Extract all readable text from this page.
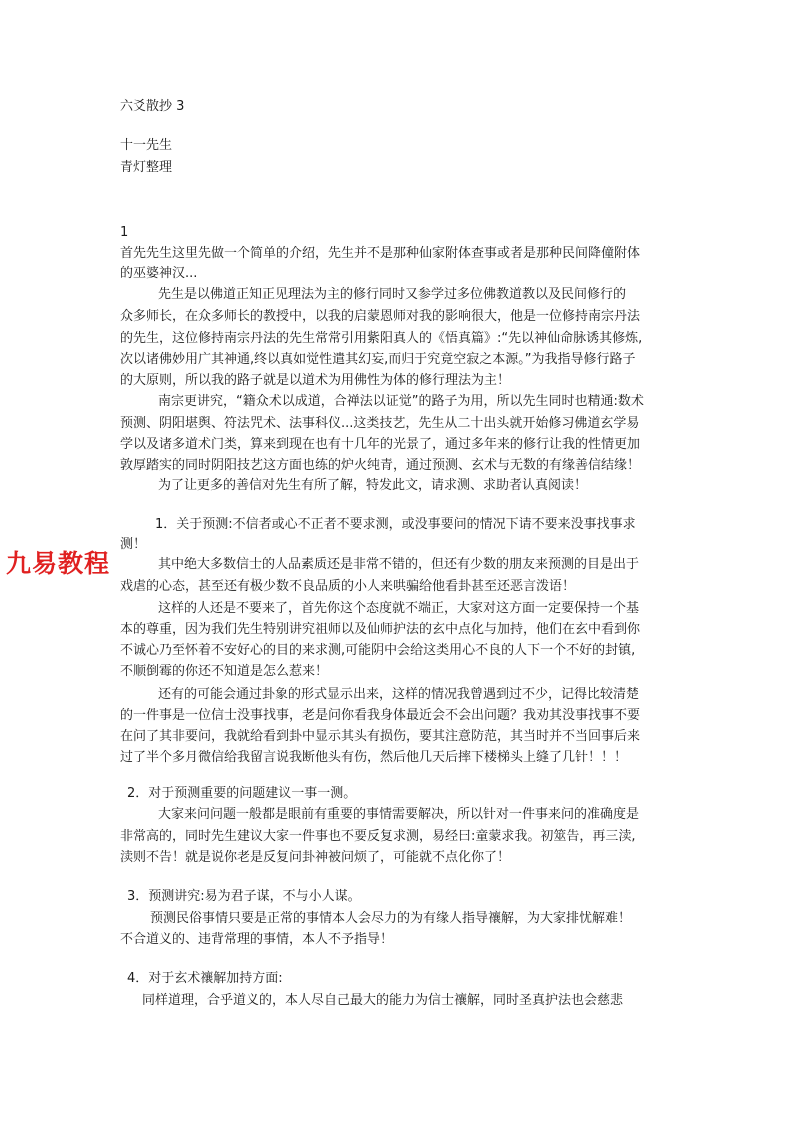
六爻散抄 3
十一先生
青灯整理
1
首先先生这里先做一个简单的介绍，先生并不是那种仙家附体查事或者是那种民间降僮附体
的巫婆神汉...
先生是以佛道正知正见理法为主的修行同时又参学过多位佛教道教以及民间修行的
众多师长，在众多师长的教授中，以我的启蒙恩师对我的影响很大，他是一位修持南宗丹法
的先生，这位修持南宗丹法的先生常常引用紫阳真人的《悟真篇》:“先以神仙命脉诱其修炼,
次以诸佛妙用广其神通,终以真如觉性遣其幻妄,而归于究竟空寂之本源。”为我指导修行路子
的大原则，所以我的路子就是以道术为用佛性为体的修行理法为主！
南宗更讲究，“籍众术以成道，合禅法以证觉”的路子为用，所以先生同时也精通:数术
预测、阴阳堪舆、符法咒术、法事科仪...这类技艺，先生从二十出头就开始修习佛道玄学易
学以及诸多道术门类，算来到现在也有十几年的光景了，通过多年来的修行让我的性情更加
敦厚踏实的同时阴阳技艺这方面也练的炉火纯青，通过预测、玄术与无数的有缘善信结缘！
为了让更多的善信对先生有所了解，特发此文，请求测、求助者认真阅读！
1．关于预测:不信者或心不正者不要求测，或没事要问的情况下请不要来没事找事求
测！
其中绝大多数信士的人品素质还是非常不错的，但还有少数的朋友来预测的目是出于
戏虐的心态，甚至还有极少数不良品质的小人来哄骗给他看卦甚至还恶言泼语！
这样的人还是不要来了，首先你这个态度就不端正，大家对这方面一定要保持一个基
本的尊重，因为我们先生特别讲究祖师以及仙师护法的玄中点化与加持，他们在玄中看到你
不诚心乃至怀着不安好心的目的来求测,可能阴中会给这类用心不良的人下一个不好的封镇,
不顺倒霉的你还不知道是怎么惹来！
还有的可能会通过卦象的形式显示出来，这样的情况我曾遇到过不少，记得比较清楚
的一件事是一位信士没事找事，老是问你看我身体最近会不会出问题？我劝其没事找事不要
在问了其非要问，我就给看到卦中显示其头有损伤，要其注意防范，其当时并不当回事后来
过了半个多月微信给我留言说我断他头有伤，然后他几天后摔下楼梯头上缝了几针！！！
2．对于预测重要的问题建议一事一测。
大家来问问题一般都是眼前有重要的事情需要解决，所以针对一件事来问的准确度是
非常高的，同时先生建议大家一件事也不要反复求测，易经曰:童蒙求我。初筮告，再三渎,
渎则不告！就是说你老是反复问卦神被问烦了，可能就不点化你了！
3．预测讲究:易为君子谋，不与小人谋。
预测民俗事情只要是正常的事情本人会尽力的为有缘人指导禳解，为大家排忧解难！
不合道义的、违背常理的事情，本人不予指导！
4．对于玄术禳解加持方面:
同样道理，合乎道义的，本人尽自己最大的能力为信士禳解，同时圣真护法也会慈悲
九易教程
